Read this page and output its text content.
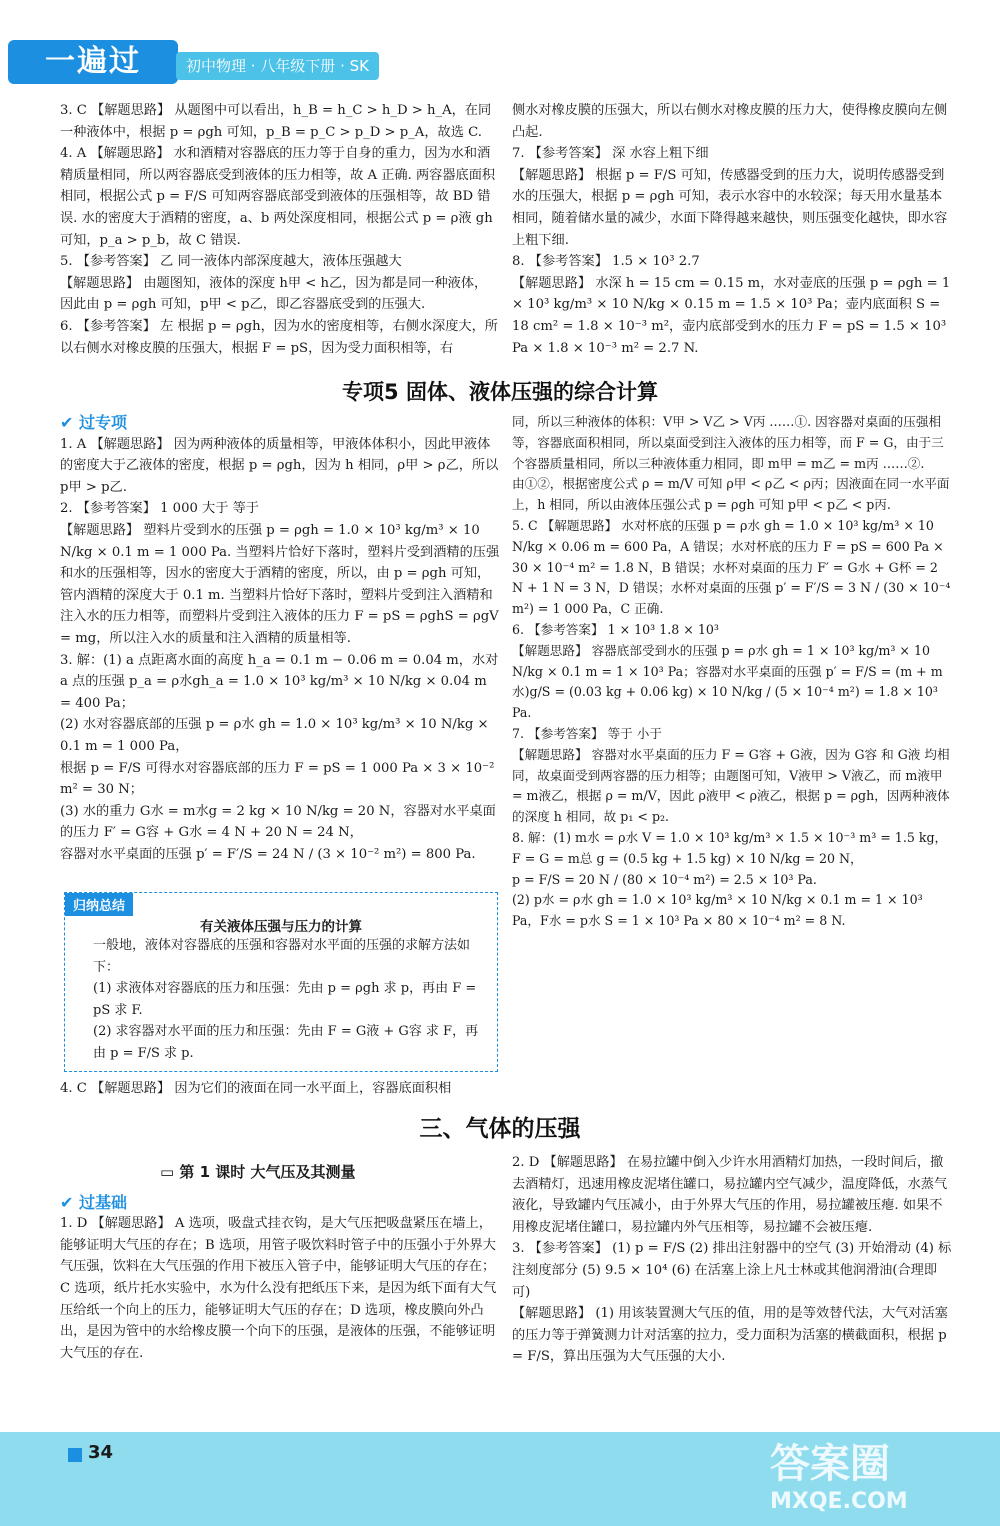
一遍过	初中物理 · 八年级下册 · SK

3. C 【解题思路】 从题图中可以看出，h_B = h_C > h_D > h_A，在同一种液体中，根据 p = ρgh 可知，p_B = p_C > p_D > p_A，故选 C.

4. A 【解题思路】 水和酒精对容器底的压力等于自身的重力，因为水和酒精质量相同，所以两容器底受到液体的压力相等，故 A 正确. 两容器底面积相同，根据公式 p = F/S 可知两容器底部受到液体的压强相等，故 BD 错误. 水的密度大于酒精的密度，a、b 两处深度相同，根据公式 p = ρ液 gh 可知，p_a > p_b，故 C 错误.

5. 【参考答案】 乙 同一液体内部深度越大，液体压强越大

【解题思路】 由题图知，液体的深度 h甲 < h乙，因为都是同一种液体，因此由 p = ρgh 可知，p甲 < p乙，即乙容器底受到的压强大.

6. 【参考答案】 左 根据 p = ρgh，因为水的密度相等，右侧水深度大，所以右侧水对橡皮膜的压强大，根据 F = pS，因为受力面积相等，右

侧水对橡皮膜的压强大，所以右侧水对橡皮膜的压力大，使得橡皮膜向左侧凸起.

7. 【参考答案】 深 水容上粗下细

【解题思路】 根据 p = F/S 可知，传感器受到的压力大，说明传感器受到水的压强大，根据 p = ρgh 可知，表示水容中的水较深；每天用水量基本相同，随着储水量的减少，水面下降得越来越快，则压强变化越快，即水容上粗下细.

8. 【参考答案】 1.5 × 10³ 2.7

【解题思路】 水深 h = 15 cm = 0.15 m，水对壶底的压强 p = ρgh = 1 × 10³ kg/m³ × 10 N/kg × 0.15 m = 1.5 × 10³ Pa；壶内底面积 S = 18 cm² = 1.8 × 10⁻³ m²，壶内底部受到水的压力 F = pS = 1.5 × 10³ Pa × 1.8 × 10⁻³ m² = 2.7 N.

专项5 固体、液体压强的综合计算
✔ 过专项

1. A 【解题思路】 因为两种液体的质量相等，甲液体体积小，因此甲液体的密度大于乙液体的密度，根据 p = ρgh，因为 h 相同，ρ甲 > ρ乙，所以 p甲 > p乙.

2. 【参考答案】 1 000 大于 等于

【解题思路】 塑料片受到水的压强 p = ρgh = 1.0 × 10³ kg/m³ × 10 N/kg × 0.1 m = 1 000 Pa. 当塑料片恰好下落时，塑料片受到酒精的压强和水的压强相等，因水的密度大于酒精的密度，所以，由 p = ρgh 可知，管内酒精的深度大于 0.1 m. 当塑料片恰好下落时，塑料片受到注入酒精和注入水的压力相等，而塑料片受到注入液体的压力 F = pS = ρghS = ρgV = mg，所以注入水的质量和注入酒精的质量相等.

3. 解：(1) a 点距离水面的高度 h_a = 0.1 m − 0.06 m = 0.04 m，水对 a 点的压强 p_a = ρ水gh_a = 1.0 × 10³ kg/m³ × 10 N/kg × 0.04 m = 400 Pa；

(2) 水对容器底部的压强 p = ρ水 gh = 1.0 × 10³ kg/m³ × 10 N/kg × 0.1 m = 1 000 Pa，

根据 p = F/S 可得水对容器底部的压力 F = pS = 1 000 Pa × 3 × 10⁻² m² = 30 N；

(3) 水的重力 G水 = m水g = 2 kg × 10 N/kg = 20 N，容器对水平桌面的压力 F′ = G容 + G水 = 4 N + 20 N = 24 N，

容器对水平桌面的压强 p′ = F′/S = 24 N / (3 × 10⁻² m²) = 800 Pa.

归纳总结
有关液体压强与压力的计算

一般地，液体对容器底的压强和容器对水平面的压强的求解方法如下：

(1) 求液体对容器底的压力和压强：先由 p = ρgh 求 p，再由 F = pS 求 F.

(2) 求容器对水平面的压力和压强：先由 F = G液 + G容 求 F，再由 p = F/S 求 p.

4. C 【解题思路】 因为它们的液面在同一水平面上，容器底面积相

同，所以三种液体的体积：V甲 > V乙 > V丙 ……①. 因容器对桌面的压强相等，容器底面积相同，所以桌面受到注入液体的压力相等，而 F = G，由于三个容器质量相同，所以三种液体重力相同，即 m甲 = m乙 = m丙 ……②.

由①②，根据密度公式 ρ = m/V 可知 ρ甲 < ρ乙 < ρ丙；因液面在同一水平面上，h 相同，所以由液体压强公式 p = ρgh 可知 p甲 < p乙 < p丙.

5. C 【解题思路】 水对杯底的压强 p = ρ水 gh = 1.0 × 10³ kg/m³ × 10 N/kg × 0.06 m = 600 Pa，A 错误；水对杯底的压力 F = pS = 600 Pa × 30 × 10⁻⁴ m² = 1.8 N，B 错误；水杯对桌面的压力 F′ = G水 + G杯 = 2 N + 1 N = 3 N，D 错误；水杯对桌面的压强 p′ = F′/S = 3 N / (30 × 10⁻⁴ m²) = 1 000 Pa，C 正确.

6. 【参考答案】 1 × 10³ 1.8 × 10³

【解题思路】 容器底部受到水的压强 p = ρ水 gh = 1 × 10³ kg/m³ × 10 N/kg × 0.1 m = 1 × 10³ Pa；容器对水平桌面的压强 p′ = F/S = (m + m水)g/S = (0.03 kg + 0.06 kg) × 10 N/kg / (5 × 10⁻⁴ m²) = 1.8 × 10³ Pa.

7. 【参考答案】 等于 小于

【解题思路】 容器对水平桌面的压力 F = G容 + G液，因为 G容 和 G液 均相同，故桌面受到两容器的压力相等；由题图可知，V液甲 > V液乙，而 m液甲 = m液乙，根据 ρ = m/V，因此 ρ液甲 < ρ液乙，根据 p = ρgh，因两种液体的深度 h 相同，故 p₁ < p₂.

8. 解：(1) m水 = ρ水 V = 1.0 × 10³ kg/m³ × 1.5 × 10⁻³ m³ = 1.5 kg，F = G = m总 g = (0.5 kg + 1.5 kg) × 10 N/kg = 20 N，

p = F/S = 20 N / (80 × 10⁻⁴ m²) = 2.5 × 10³ Pa.

(2) p水 = ρ水 gh = 1.0 × 10³ kg/m³ × 10 N/kg × 0.1 m = 1 × 10³ Pa，F水 = p水 S = 1 × 10³ Pa × 80 × 10⁻⁴ m² = 8 N.

三、气体的压强
▭ 第 1 课时 大气压及其测量
✔ 过基础

1. D 【解题思路】 A 选项，吸盘式挂衣钩，是大气压把吸盘紧压在墙上，能够证明大气压的存在；B 选项，用管子吸饮料时管子中的压强小于外界大气压强，饮料在大气压强的作用下被压入管子中，能够证明大气压的存在；C 选项，纸片托水实验中，水为什么没有把纸压下来，是因为纸下面有大气压给纸一个向上的压力，能够证明大气压的存在；D 选项，橡皮膜向外凸出，是因为管中的水给橡皮膜一个向下的压强，是液体的压强，不能够证明大气压的存在.

2. D 【解题思路】 在易拉罐中倒入少许水用酒精灯加热，一段时间后，撤去酒精灯，迅速用橡皮泥堵住罐口，易拉罐内空气减少，温度降低，水蒸气液化，导致罐内气压减小，由于外界大气压的作用，易拉罐被压瘪. 如果不用橡皮泥堵住罐口，易拉罐内外气压相等，易拉罐不会被压瘪.

3. 【参考答案】 (1) p = F/S (2) 排出注射器中的空气 (3) 开始滑动 (4) 标注刻度部分 (5) 9.5 × 10⁴ (6) 在活塞上涂上凡士林或其他润滑油(合理即可)

【解题思路】 (1) 用该装置测大气压的值，用的是等效替代法，大气对活塞的压力等于弹簧测力计对活塞的拉力，受力面积为活塞的横截面积，根据 p = F/S，算出压强为大气压强的大小.

34	答案圈
MXQE.COM
